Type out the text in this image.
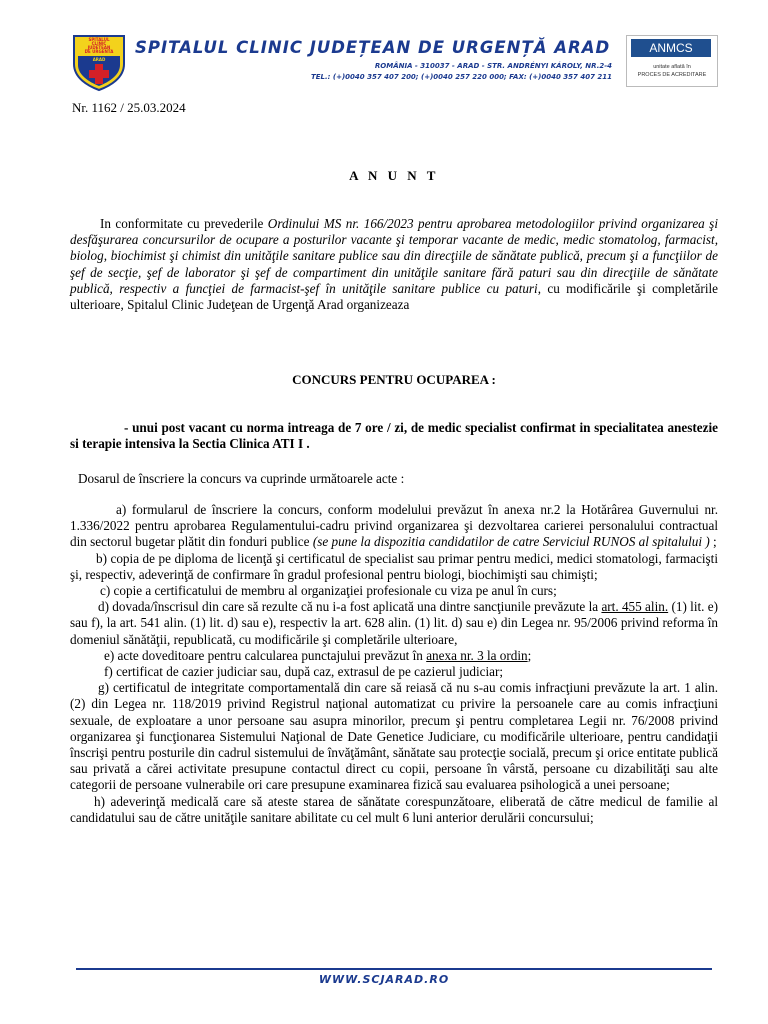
SPITALUL
CLINIC
JUDETEAN
DE URGENTA
ARAD
SPITALUL CLINIC JUDEȚEAN DE URGENȚĂ ARAD
ROMÂNIA - 310037 - ARAD - STR. ANDRÉNYI KÁROLY, NR.2-4
TEL.: (+)0040 357 407 200; (+)0040 257 220 000; FAX: (+)0040 357 407 211
ANMCS
unitate aflată în
PROCES DE ACREDITARE
Nr. 1162 / 25.03.2024
A N U N T
In conformitate cu prevederile Ordinului MS nr. 166/2023 pentru aprobarea metodologiilor privind organizarea şi desfăşurarea concursurilor de ocupare a posturilor vacante şi temporar vacante de medic, medic stomatolog, farmacist, biolog, biochimist şi chimist din unităţile sanitare publice sau din direcţiile de sănătate publică, precum şi a funcţiilor de şef de secţie, şef de laborator şi şef de compartiment din unităţile sanitare fără paturi sau din direcţiile de sănătate publică, respectiv a funcţiei de farmacist-şef în unităţile sanitare publice cu paturi, cu modificările şi completările ulterioare, Spitalul Clinic Judeţean de Urgenţă Arad organizeaza
CONCURS PENTRU OCUPAREA :
- unui post vacant cu norma intreaga de 7 ore / zi, de medic specialist confirmat in specialitatea anestezie si terapie intensiva la Sectia Clinica ATI I .
Dosarul de înscriere la concurs va cuprinde următoarele acte :
a) formularul de înscriere la concurs, conform modelului prevăzut în anexa nr.2 la Hotărârea Guvernului nr. 1.336/2022 pentru aprobarea Regulamentului-cadru privind organizarea şi dezvoltarea carierei personalului contractual din sectorul bugetar plătit din fonduri publice (se pune la dispozitia candidatilor de catre Serviciul RUNOS al spitalului ) ;
b) copia de pe diploma de licenţă şi certificatul de specialist sau primar pentru medici, medici stomatologi, farmacişti şi, respectiv, adeverinţă de confirmare în gradul profesional pentru biologi, biochimişti sau chimişti;
c) copie a certificatului de membru al organizaţiei profesionale cu viza pe anul în curs;
d) dovada/înscrisul din care să rezulte că nu i-a fost aplicată una dintre sancţiunile prevăzute la art. 455 alin. (1) lit. e) sau f), la art. 541 alin. (1) lit. d) sau e), respectiv la art. 628 alin. (1) lit. d) sau e) din Legea nr. 95/2006 privind reforma în domeniul sănătăţii, republicată, cu modificările şi completările ulterioare,
e) acte doveditoare pentru calcularea punctajului prevăzut în anexa nr. 3 la ordin;
f) certificat de cazier judiciar sau, după caz, extrasul de pe cazierul judiciar;
g) certificatul de integritate comportamentală din care să reiasă că nu s-au comis infracţiuni prevăzute la art. 1 alin. (2) din Legea nr. 118/2019 privind Registrul naţional automatizat cu privire la persoanele care au comis infracţiuni sexuale, de exploatare a unor persoane sau asupra minorilor, precum şi pentru completarea Legii nr. 76/2008 privind organizarea şi funcţionarea Sistemului Naţional de Date Genetice Judiciare, cu modificările ulterioare, pentru candidaţii înscrişi pentru posturile din cadrul sistemului de învăţământ, sănătate sau protecţie socială, precum şi orice entitate publică sau privată a cărei activitate presupune contactul direct cu copii, persoane în vârstă, persoane cu dizabilităţi sau alte categorii de persoane vulnerabile ori care presupune examinarea fizică sau evaluarea psihologică a unei persoane;
h) adeverinţă medicală care să ateste starea de sănătate corespunzătoare, eliberată de către medicul de familie al candidatului sau de către unităţile sanitare abilitate cu cel mult 6 luni anterior derulării concursului;
WWW.SCJARAD.RO
